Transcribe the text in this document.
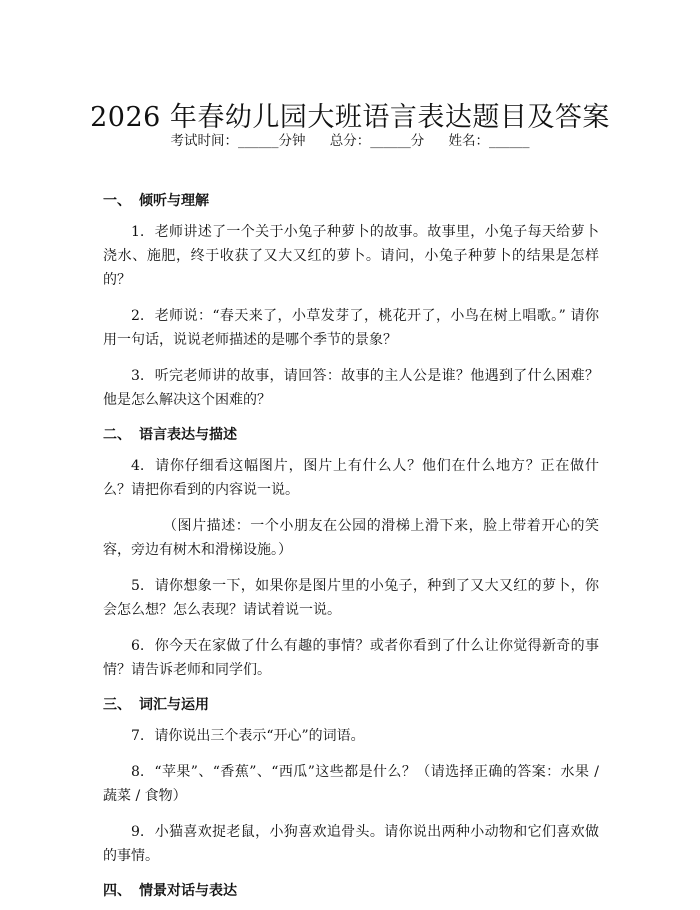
2026 年春幼儿园大班语言表达题目及答案
考试时间：______分钟 总分：______分 姓名：______
一、 倾听与理解

1. 老师讲述了一个关于小兔子种萝卜的故事。故事里，小兔子每天给萝卜浇水、施肥，终于收获了又大又红的萝卜。请问，小兔子种萝卜的结果是怎样的？

2. 老师说：“春天来了，小草发芽了，桃花开了，小鸟在树上唱歌。” 请你用一句话，说说老师描述的是哪个季节的景象？

3. 听完老师讲的故事，请回答：故事的主人公是谁？他遇到了什么困难？他是怎么解决这个困难的？

二、 语言表达与描述

4. 请你仔细看这幅图片，图片上有什么人？他们在什么地方？正在做什么？请把你看到的内容说一说。

（图片描述：一个小朋友在公园的滑梯上滑下来，脸上带着开心的笑容，旁边有树木和滑梯设施。）

5. 请你想象一下，如果你是图片里的小兔子，种到了又大又红的萝卜，你会怎么想？怎么表现？请试着说一说。

6. 你今天在家做了什么有趣的事情？或者你看到了什么让你觉得新奇的事情？请告诉老师和同学们。

三、 词汇与运用

7. 请你说出三个表示“开心”的词语。

8. “苹果”、“香蕉”、“西瓜”这些都是什么？（请选择正确的答案：水果 / 蔬菜 / 食物）

9. 小猫喜欢捉老鼠，小狗喜欢追骨头。请你说出两种小动物和它们喜欢做的事情。

四、 情景对话与表达
